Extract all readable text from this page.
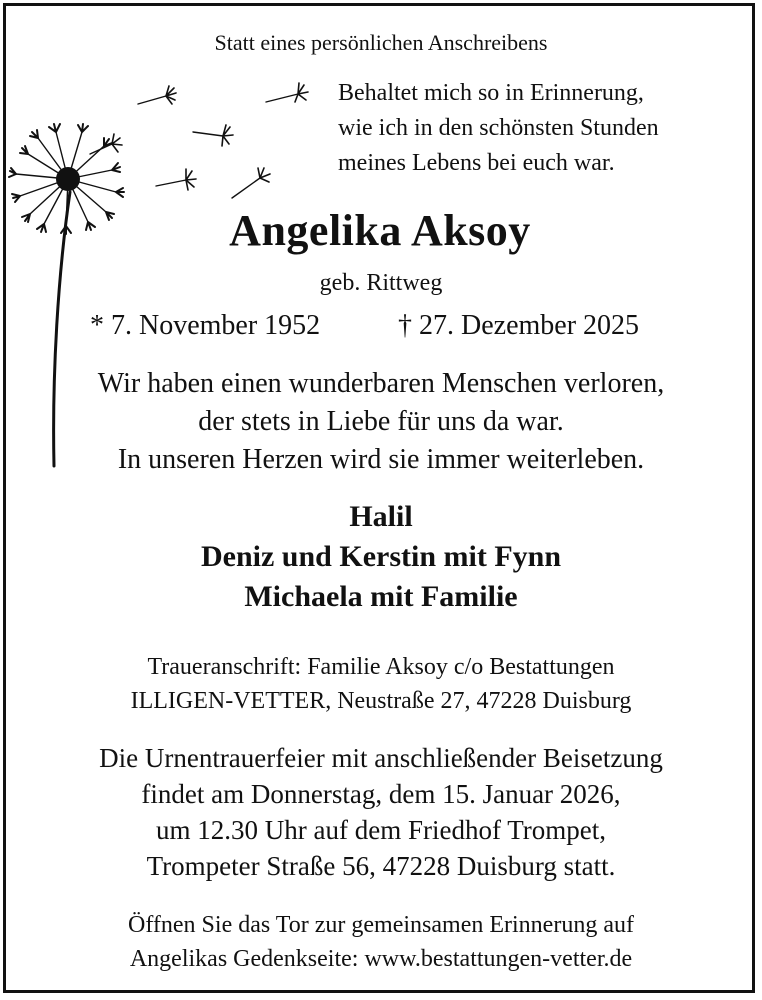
Statt eines persönlichen Anschreibens
Behaltet mich so in Erinnerung,
wie ich in den schönsten Stunden
meines Lebens bei euch war.
Angelika Aksoy
geb. Rittweg
* 7. November 1952	† 27. Dezember 2025
Wir haben einen wunderbaren Menschen verloren,
der stets in Liebe für uns da war.
In unseren Herzen wird sie immer weiterleben.
Halil
Deniz und Kerstin mit Fynn
Michaela mit Familie
Traueranschrift: Familie Aksoy c/o Bestattungen
ILLIGEN-VETTER, Neustraße 27, 47228 Duisburg
Die Urnentrauerfeier mit anschließender Beisetzung
findet am Donnerstag, dem 15. Januar 2026,
um 12.30 Uhr auf dem Friedhof Trompet,
Trompeter Straße 56, 47228 Duisburg statt.
Öffnen Sie das Tor zur gemeinsamen Erinnerung auf
Angelikas Gedenkseite: www.bestattungen-vetter.de
